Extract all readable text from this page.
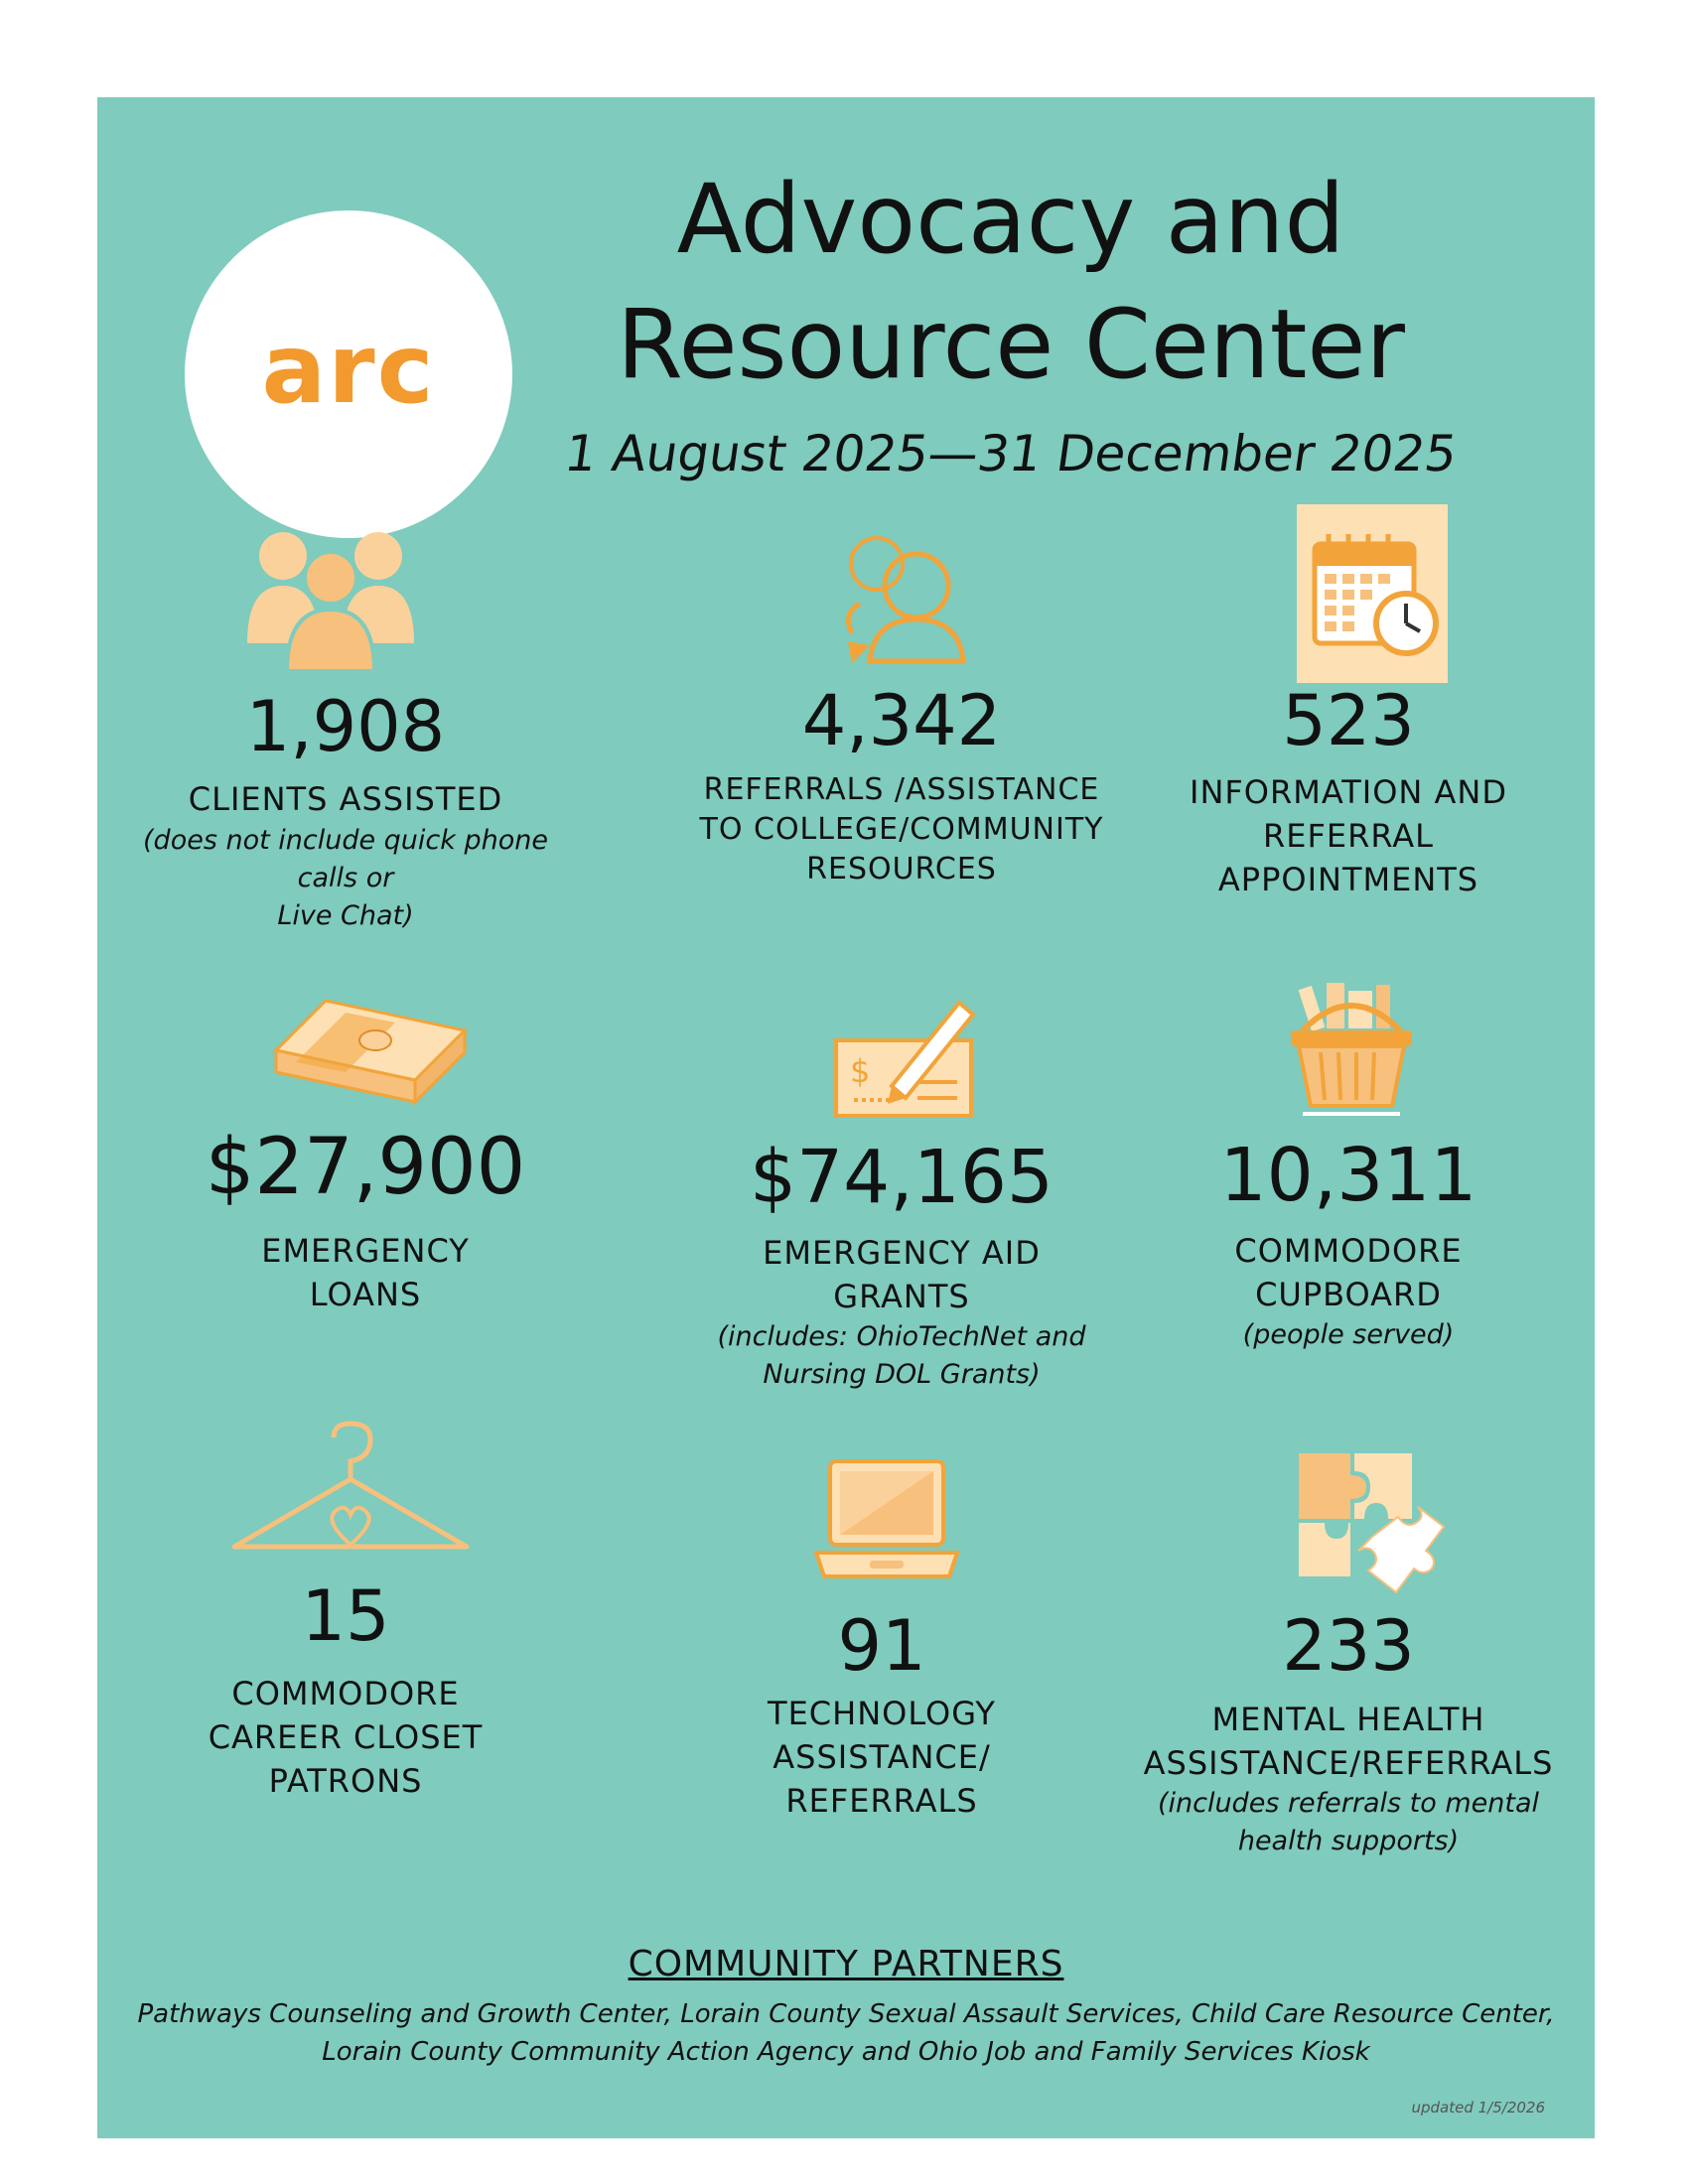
arc
Advocacy and
Resource Center
1 August 2025—31 December 2025
1,908
CLIENTS ASSISTED
(does not include quick phone calls or
Live Chat)
4,342
REFERRALS /ASSISTANCE
TO COLLEGE/COMMUNITY
RESOURCES
523
INFORMATION AND
REFERRAL
APPOINTMENTS
$27,900
EMERGENCY
LOANS
$
$74,165
EMERGENCY AID
GRANTS
(includes: OhioTechNet and
Nursing DOL Grants)
10,311
COMMODORE
CUPBOARD
(people served)
15
COMMODORE
CAREER CLOSET
PATRONS
91
TECHNOLOGY
ASSISTANCE/
REFERRALS
233
MENTAL HEALTH
ASSISTANCE/REFERRALS
(includes referrals to mental
health supports)
COMMUNITY PARTNERS
Pathways Counseling and Growth Center, Lorain County Sexual Assault Services, Child Care Resource Center,
Lorain County Community Action Agency and Ohio Job and Family Services Kiosk
updated 1/5/2026
